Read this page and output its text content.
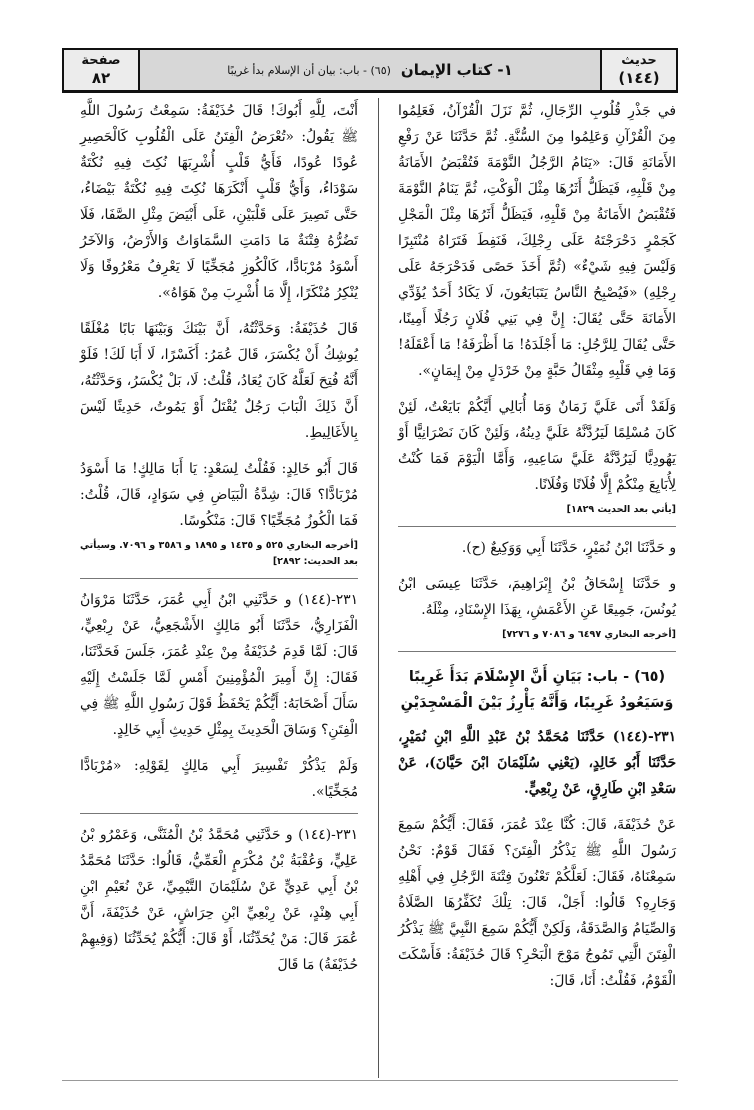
حديث
(١٤٤)
١- كتاب الإيمان
(٦٥) - باب: بيان أن الإسلام بدأ غريبًا
صفحة
٨٢

في جَذْرِ قُلُوبِ الرِّجَالِ، ثُمَّ نَزَلَ الْقُرْآنُ، فَعَلِمُوا مِنَ الْقُرْآنِ وَعَلِمُوا مِنَ السُّنَّةِ. ثُمَّ حَدَّثَنَا عَنْ رَفْعِ الأَمَانَةِ قَالَ: «يَنَامُ الرَّجُلُ النَّوْمَةَ فَتُقْبَضُ الأَمَانَةُ مِنْ قَلْبِهِ، فَيَظَلُّ أَثَرُهَا مِثْلَ الْوَكْتِ، ثُمَّ يَنَامُ النَّوْمَةَ فَتُقْبَضُ الأَمَانَةُ مِنْ قَلْبِهِ، فَيَظَلُّ أَثَرُهَا مِثْلَ الْمَجْلِ كَجَمْرٍ دَحْرَجْتَهُ عَلَى رِجْلِكَ، فَنَفِطَ فَتَرَاهُ مُنْتَبِرًا وَلَيْسَ فِيهِ شَيْءٌ» (ثُمَّ أَخَذَ حَصًى فَدَحْرَجَهُ عَلَى رِجْلِهِ) «فَيُصْبِحُ النَّاسُ يَتَبَايَعُونَ، لَا يَكَادُ أَحَدٌ يُؤَدِّي الأَمَانَةَ حَتَّى يُقَالَ: إِنَّ فِي بَنِي فُلَانٍ رَجُلًا أَمِينًا، حَتَّى يُقَالَ لِلرَّجُلِ: مَا أَجْلَدَهُ! مَا أَظْرَفَهُ! مَا أَعْقَلَهُ! وَمَا فِي قَلْبِهِ مِثْقَالُ حَبَّةٍ مِنْ خَرْدَلٍ مِنْ إِيمَانٍ».

وَلَقَدْ أَتَى عَلَيَّ زَمَانٌ وَمَا أُبَالِي أَيَّكُمْ بَايَعْتُ، لَئِنْ كَانَ مُسْلِمًا لَيَرُدَّنَّهُ عَلَيَّ دِينُهُ، وَلَئِنْ كَانَ نَصْرَانِيًّا أَوْ يَهُودِيًّا لَيَرُدَّنَّهُ عَلَيَّ سَاعِيهِ، وَأَمَّا الْيَوْمَ فَمَا كُنْتُ لِأُبَايِعَ مِنْكُمْ إِلَّا فُلَانًا وَفُلَانًا.

[يأتي بعد الحديث ١٨٢٩]

و حَدَّثَنَا ابْنُ نُمَيْرٍ، حَدَّثَنَا أَبِي وَوَكِيعٌ (ح).

و حَدَّثَنَا إِسْحَاقُ بْنُ إِبْرَاهِيمَ، حَدَّثَنَا عِيسَى ابْنُ يُونُسَ، جَمِيعًا عَنِ الأَعْمَشِ، بِهَذَا الإِسْنَادِ، مِثْلَهُ.

[أخرجه البخاري ٦٤٩٧ و ٧٠٨٦ و ٧٢٧٦]
(٦٥) - باب: بَيَانِ أَنَّ الإِسْلَامَ بَدَأَ غَرِيبًا وَسَيَعُودُ غَرِيبًا، وَأَنَّهُ يَأْرِزُ بَيْنَ الْمَسْجِدَيْنِ

٢٣١-(١٤٤) حَدَّثَنَا مُحَمَّدُ بْنُ عَبْدِ اللَّهِ ابْنِ نُمَيْرٍ، حَدَّثَنَا أَبُو خَالِدٍ، (يَعْنِي سُلَيْمَانَ ابْنَ حَيَّانَ)، عَنْ سَعْدِ ابْنِ طَارِقٍ، عَنْ رِبْعِيٍّ.

عَنْ حُذَيْفَةَ، قَالَ: كُنَّا عِنْدَ عُمَرَ، فَقَالَ: أَيُّكُمْ سَمِعَ رَسُولَ اللَّهِ ﷺ يَذْكُرُ الْفِتَنَ؟ فَقَالَ قَوْمٌ: نَحْنُ سَمِعْنَاهُ، فَقَالَ: لَعَلَّكُمْ تَعْنُونَ فِتْنَةَ الرَّجُلِ فِي أَهْلِهِ وَجَارِهِ؟ قَالُوا: أَجَلْ، قَالَ: تِلْكَ تُكَفِّرُهَا الصَّلَاةُ وَالصِّيَامُ وَالصَّدَقَةُ، وَلَكِنْ أَيُّكُمْ سَمِعَ النَّبِيَّ ﷺ يَذْكُرُ الْفِتَنَ الَّتِي تَمُوجُ مَوْجَ الْبَحْرِ؟ قَالَ حُذَيْفَةُ: فَأَسْكَتَ الْقَوْمُ، فَقُلْتُ: أَنَا، قَالَ:

أَنْتَ، لِلَّهِ أَبُوكَ! قَالَ حُذَيْفَةُ: سَمِعْتُ رَسُولَ اللَّهِ ﷺ يَقُولُ: «تُعْرَضُ الْفِتَنُ عَلَى الْقُلُوبِ كَالْحَصِيرِ عُودًا عُودًا، فَأَيُّ قَلْبٍ أُشْرِبَهَا نُكِتَ فِيهِ نُكْتَةٌ سَوْدَاءُ، وَأَيُّ قَلْبٍ أَنْكَرَهَا نُكِتَ فِيهِ نُكْتَةٌ بَيْضَاءُ، حَتَّى تَصِيرَ عَلَى قَلْبَيْنِ، عَلَى أَبْيَضَ مِثْلِ الصَّفَا، فَلَا تَضُرُّهُ فِتْنَةٌ مَا دَامَتِ السَّمَاوَاتُ وَالأَرْضُ، وَالآخَرُ أَسْوَدُ مُرْبَادًّا، كَالْكُوزِ مُجَخِّيًا لَا يَعْرِفُ مَعْرُوفًا وَلَا يُنْكِرُ مُنْكَرًا، إِلَّا مَا أُشْرِبَ مِنْ هَوَاهُ».

قَالَ حُذَيْفَةُ: وَحَدَّثْتُهُ، أَنَّ بَيْنَكَ وَبَيْنَهَا بَابًا مُغْلَقًا يُوشِكُ أَنْ يُكْسَرَ، قَالَ عُمَرُ: أَكَسْرًا، لَا أَبَا لَكَ! فَلَوْ أَنَّهُ فُتِحَ لَعَلَّهُ كَانَ يُعَادُ، قُلْتُ: لَا، بَلْ يُكْسَرُ، وَحَدَّثْتُهُ، أَنَّ ذَلِكَ الْبَابَ رَجُلٌ يُقْتَلُ أَوْ يَمُوتُ، حَدِيثًا لَيْسَ بِالأَغَالِيطِ.

قَالَ أَبُو خَالِدٍ: فَقُلْتُ لِسَعْدٍ: يَا أَبَا مَالِكٍ! مَا أَسْوَدُ مُرْبَادًّا؟ قَالَ: شِدَّةُ الْبَيَاضِ فِي سَوَادٍ، قَالَ، قُلْتُ: فَمَا الْكُوزُ مُجَخِّيًا؟ قَالَ: مَنْكُوسًا.

[أخرجه البخاري ٥٢٥ و ١٤٣٥ و ١٨٩٥ و ٣٥٨٦ و ٧٠٩٦. وسيأتي بعد الحديث: ٢٨٩٢]

٢٣١-(١٤٤) و حَدَّثَنِي ابْنُ أَبِي عُمَرَ، حَدَّثَنَا مَرْوَانُ الْفَزَارِيُّ، حَدَّثَنَا أَبُو مَالِكٍ الأَشْجَعِيُّ، عَنْ رِبْعِيٍّ، قَالَ: لَمَّا قَدِمَ حُذَيْفَةُ مِنْ عِنْدِ عُمَرَ، جَلَسَ فَحَدَّثَنَا، فَقَالَ: إِنَّ أَمِيرَ الْمُؤْمِنِينَ أَمْسِ لَمَّا جَلَسْتُ إِلَيْهِ سَأَلَ أَصْحَابَهُ: أَيُّكُمْ يَحْفَظُ قَوْلَ رَسُولِ اللَّهِ ﷺ فِي الْفِتَنِ؟ وَسَاقَ الْحَدِيثَ بِمِثْلِ حَدِيثِ أَبِي خَالِدٍ.

وَلَمْ يَذْكُرْ تَفْسِيرَ أَبِي مَالِكٍ لِقَوْلِهِ: «مُرْبَادًّا مُجَخِّيًا».

٢٣١-(١٤٤) و حَدَّثَنِي مُحَمَّدُ بْنُ الْمُثَنَّى، وَعَمْرُو بْنُ عَلِيٍّ، وَعُقْبَةُ بْنُ مُكْرَمٍ الْعَمِّيُّ، قَالُوا: حَدَّثَنَا مُحَمَّدُ بْنُ أَبِي عَدِيٍّ عَنْ سُلَيْمَانَ التَّيْمِيِّ، عَنْ نُعَيْمِ ابْنِ أَبِي هِنْدٍ، عَنْ رِبْعِيِّ ابْنِ حِرَاشٍ، عَنْ حُذَيْفَةَ، أَنَّ عُمَرَ قَالَ: مَنْ يُحَدِّثُنَا، أَوْ قَالَ: أَيُّكُمْ يُحَدِّثُنَا (وَفِيهِمْ حُذَيْفَةُ) مَا قَالَ
